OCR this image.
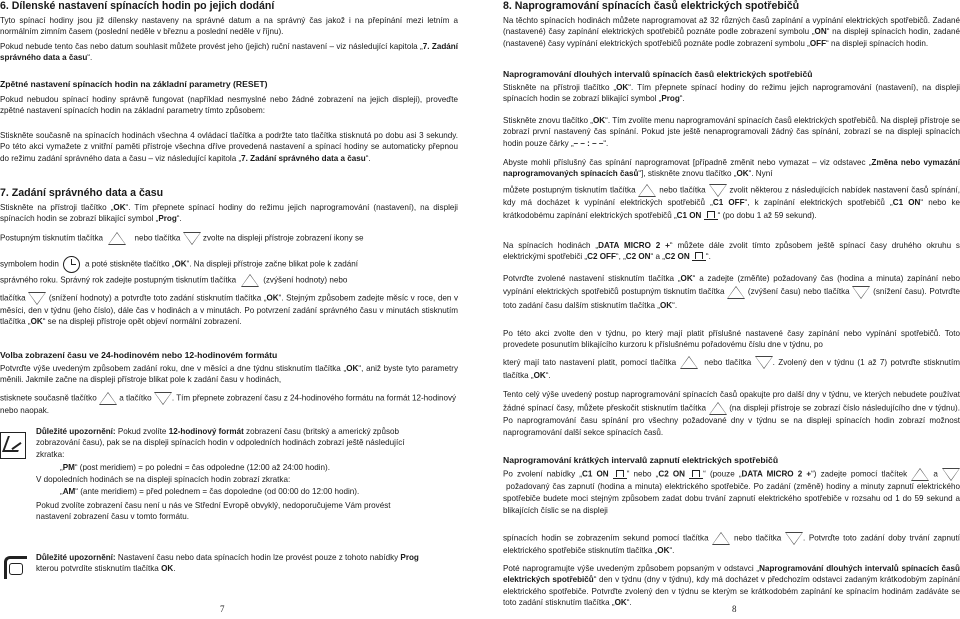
6. Dílenské nastavení spínacích hodin po jejich dodání
Tyto spínací hodiny jsou již dílensky nastaveny na správné datum a na správný čas jakož i na přepínání mezi letním a normálním zimním časem (poslední neděle v březnu a poslední neděle v říjnu).
Pokud nebude tento čas nebo datum souhlasit můžete provést jeho (jejich) ruční nastavení – viz následující kapitola „7. Zadání správného data a času“.
Zpětné nastavení spínacích hodin na základní parametry (RESET)
Pokud nebudou spínací hodiny správně fungovat (například nesmyslné nebo žádné zobrazení na jejich displeji), proveďte zpětné nastavení spínacích hodin na základní parametry tímto způsobem:
Stiskněte současně na spínacích hodinách všechna 4 ovládací tlačítka a podržte tato tlačítka stisknutá po dobu asi 3 sekundy. Po této akci vymažete z vnitřní paměti přístroje všechna dříve provedená nastavení a spínací hodiny se automaticky přepnou do režimu zadání správného data a času – viz následující kapitola „7. Zadání správného data a času“.
7. Zadání správného data a času
Stiskněte na přístroji tlačítko „OK“. Tím přepnete spínací hodiny do režimu jejich naprogramování (nastavení), na displeji spínacích hodin se zobrazí blikající symbol „Prog“.
Postupným tisknutím tlačítka	nebo tlačítka	zvolte na displeji přístroje zobrazení ikony se
symbolem hodin	a poté stiskněte tlačítko „OK“. Na displeji přístroje začne blikat pole k zadání
správného roku. Správný rok zadejte postupným tisknutím tlačítka	(zvýšení hodnoty) nebo
tlačítka	(snížení hodnoty) a potvrďte toto zadání stisknutím tlačítka „OK“. Stejným způsobem zadejte měsíc v roce, den v měsíci, den v týdnu (jeho číslo), dále čas v hodinách a v minutách. Po potvrzení zadání správného času v minutách stisknutím tlačítka „OK“ se na displeji přístroje opět objeví normální zobrazení.
Volba zobrazení času ve 24-hodinovém nebo 12-hodinovém formátu
Potvrďte výše uvedeným způsobem zadání roku, dne v měsíci a dne týdnu stisknutím tlačítka „OK“, aniž byste tyto parametry měnili. Jakmile začne na displeji přístroje blikat pole k zadání času v hodinách,
stisknete současně tlačítko	a tlačítko	. Tím přepnete zobrazení času z 24-hodinového formátu na formát 12-hodinový nebo naopak.
Důležité upozornění: Pokud zvolíte 12-hodinový formát zobrazení času (britský a americký způsob zobrazování času), pak se na displeji spínacích hodin v odpoledních hodinách zobrazí ještě následující zkratka:
„PM“ (post meridiem) = po poledni = čas odpoledne (12:00 až 24:00 hodin).
V dopoledních hodinách se na displeji spínacích hodin zobrazí zkratka:
„AM“ (ante meridiem) = před polednem = čas dopoledne (od 00:00 do 12:00 hodin).
Pokud zvolíte zobrazení času není u nás ve Střední Evropě obvyklý, nedoporučujeme Vám provést nastavení zobrazení času v tomto formátu.
Důležité upozornění: Nastavení času nebo data spínacích hodin lze provést pouze z tohoto nabídky Prog kterou potvrdíte stisknutím tlačítka OK.
7
8. Naprogramování spínacích časů elektrických spotřebičů
Na těchto spínacích hodinách můžete naprogramovat až 32 různých časů zapínání a vypínání elektrických spotřebičů. Zadané (nastavené) časy zapínání elektrických spotřebičů poznáte podle zobrazení symbolu „ON“ na displeji spínacích hodin, zadané (nastavené) časy vypínání elektrických spotřebičů poznáte podle zobrazení symbolu „OFF“ na displeji spínacích hodin.
Naprogramování dlouhých intervalů spínacích časů elektrických spotřebičů
Stiskněte na přístroji tlačítko „OK“. Tím přepnete spínací hodiny do režimu jejich naprogramování (nastavení), na displeji spínacích hodin se zobrazí blikající symbol „Prog“.
Stiskněte znovu tlačítko „OK“. Tím zvolíte menu naprogramování spínacích časů elektrických spotřebičů. Na displeji přístroje se zobrazí první nastavený čas spínání. Pokud jste ještě nenaprogramovali žádný čas spínání, zobrazí se na displeji spínacích hodin pouze čárky „– – : – –“.
Abyste mohli příslušný čas spínání naprogramovat [případně změnit nebo vymazat – viz odstavec „Změna nebo vymazání naprogramovaných spínacích časů“], stiskněte znovu tlačítko „OK“. Nyní
můžete postupným tisknutím tlačítka	nebo tlačítka	zvolit některou z následujících nabídek nastavení časů spínání, kdy má docházet k vypínání elektrických spotřebičů „C1 OFF“, k zapínání elektrických spotřebičů „C1 ON“ nebo ke krátkodobému zapínání elektrických spotřebičů „C1 ON “ (po dobu 1 až 59 sekund).
Na spínacích hodinách „DATA MICRO 2 +“ můžete dále zvolit tímto způsobem ještě spínací časy druhého okruhu s elektrickými spotřebiči „C2 OFF“, „C2 ON“ a „C2 ON “.
Potvrďte zvolené nastavení stisknutím tlačítka „OK“ a zadejte (změňte) požadovaný čas (hodina a minuta) zapínání nebo vypínání elektrických spotřebičů postupným tisknutím tlačítka	(zvýšení času) nebo tlačítka	(snížení času). Potvrďte toto zadání času dalším stisknutím tlačítka „OK“.
Po této akci zvolte den v týdnu, po který mají platit příslušné nastavené časy zapínání nebo vypínání spotřebičů. Toto provedete posunutím blikajícího kurzoru k příslušnému pořadovému číslu dne v týdnu, po
který mají tato nastavení platit, pomocí tlačítka	nebo tlačítka	. Zvolený den v týdnu (1 až 7) potvrďte stisknutím tlačítka „OK“.
Tento celý výše uvedený postup naprogramování spínacích časů opakujte pro další dny v týdnu, ve kterých nebudete používat žádné spínací časy, můžete přeskočit stisknutím tlačítka	(na displeji přístroje se zobrazí číslo následujícího dne v týdnu). Po naprogramování času spínání pro všechny požadované dny v týdnu se na displeji spínacích hodin zobrazí možnost naprogramování další sekce spínacích časů.
Naprogramování krátkých intervalů zapnutí elektrických spotřebičů
Po zvolení nabídky „C1 ON “ nebo „C2 ON “ (pouze „DATA MICRO 2 +“) zadejte pomocí tlačítek	a  požadovaný čas zapnutí (hodina a minuta) elektrického spotřebiče. Po zadání (změně) hodiny a minuty zapnutí elektrického spotřebiče budete moci stejným způsobem zadat dobu trvání zapnutí elektrického spotřebiče v rozsahu od 1 do 59 sekund a blikajících číslic se na displeji
spínacích hodin se zobrazením sekund pomocí tlačítka	nebo tlačítka	. Potvrďte toto zadání doby trvání zapnutí elektrického spotřebiče stisknutím tlačítka „OK“.
Poté naprogramujte výše uvedeným způsobem popsaným v odstavci „Naprogramování dlouhých intervalů spínacích časů elektrických spotřebičů“ den v týdnu (dny v týdnu), kdy má docházet v předchozím odstavci zadaným krátkodobým zapínání elektrického spotřebiče. Potvrďte zvolený den v týdnu se kterým se krátkodobém zapínání ke spínacím hodinám zadáváte se toto zadání stisknutím tlačítka „OK“.
8
